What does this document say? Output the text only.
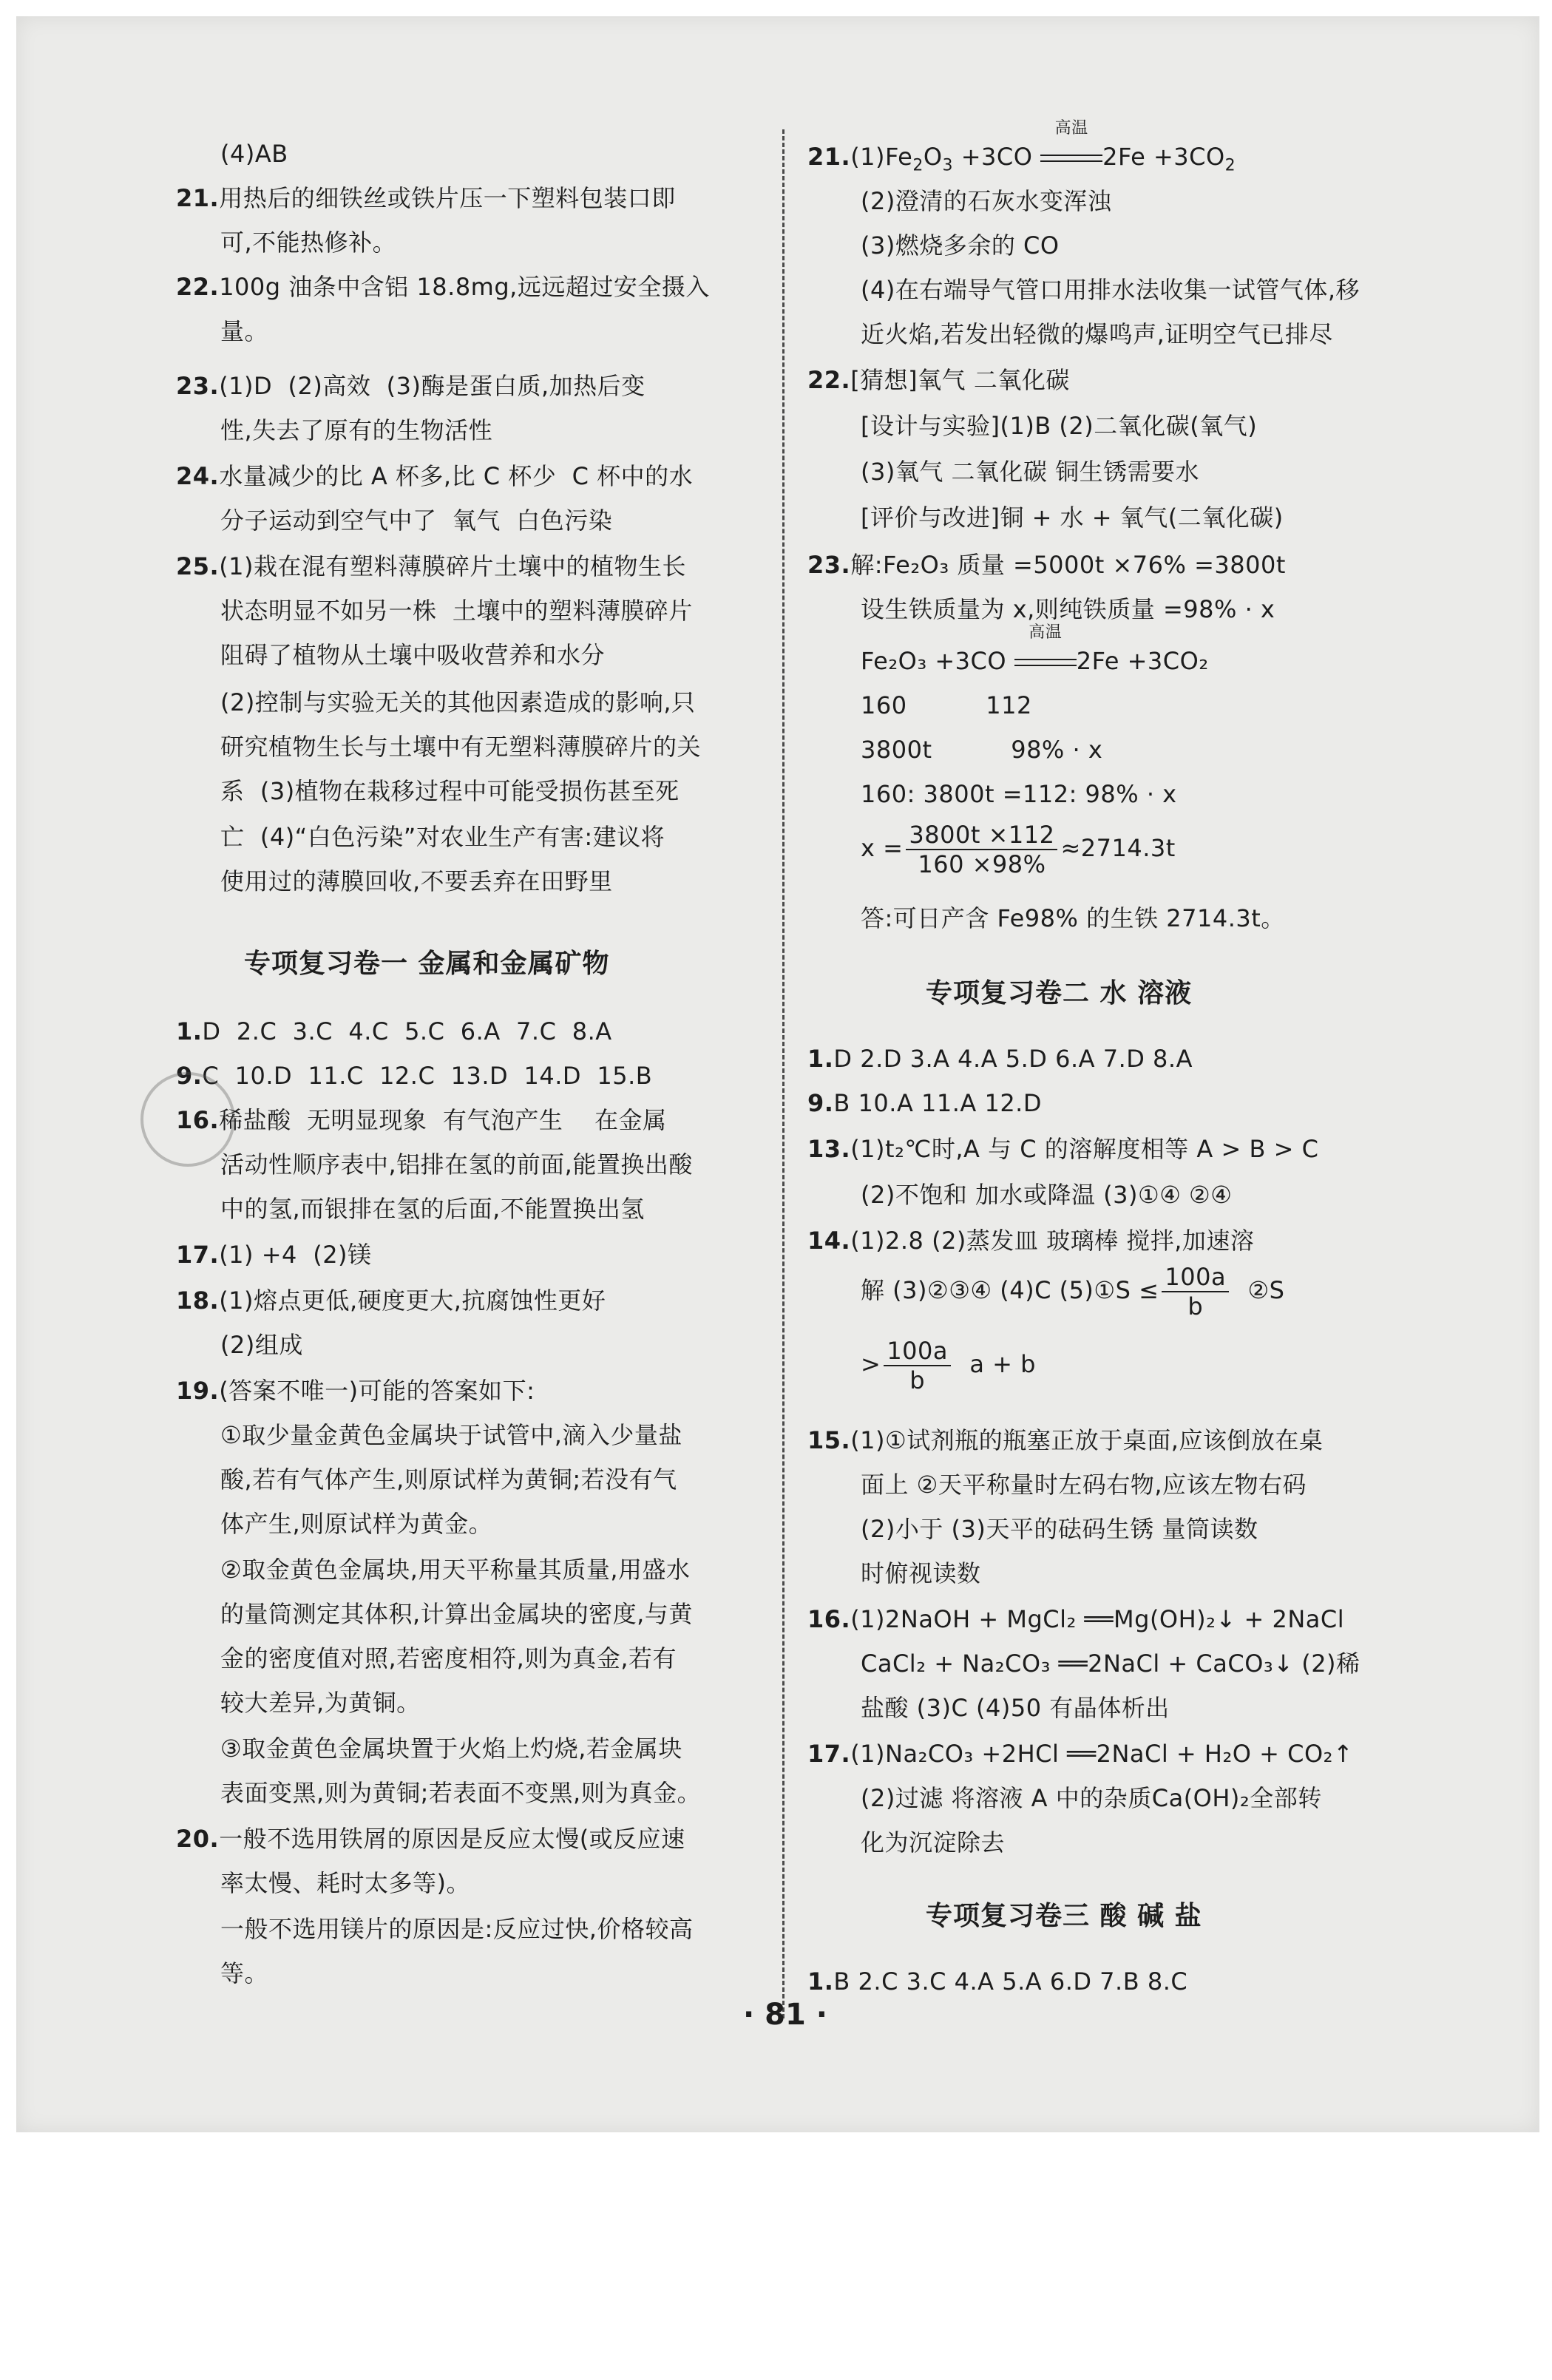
(4)AB
21.用热后的细铁丝或铁片压一下塑料包装口即
可,不能热修补。
22.100g 油条中含铝 18.8mg,远远超过安全摄入
量。
23.(1)D  (2)高效  (3)酶是蛋白质,加热后变
性,失去了原有的生物活性
24.水量减少的比 A 杯多,比 C 杯少  C 杯中的水
分子运动到空气中了  氧气  白色污染
25.(1)栽在混有塑料薄膜碎片土壤中的植物生长
状态明显不如另一株  土壤中的塑料薄膜碎片
阻碍了植物从土壤中吸收营养和水分
(2)控制与实验无关的其他因素造成的影响,只
研究植物生长与土壤中有无塑料薄膜碎片的关
系  (3)植物在栽移过程中可能受损伤甚至死
亡  (4)“白色污染”对农业生产有害:建议将
使用过的薄膜回收,不要丢弃在田野里
1.D  2.C  3.C  4.C  5.C  6.A  7.C  8.A
9.C  10.D  11.C  12.C  13.D  14.D  15.B
16.稀盐酸  无明显现象  有气泡产生    在金属
活动性顺序表中,铝排在氢的前面,能置换出酸
中的氢,而银排在氢的后面,不能置换出氢
17.(1) +4  (2)镁
18.(1)熔点更低,硬度更大,抗腐蚀性更好
(2)组成
19.(答案不唯一)可能的答案如下:
①取少量金黄色金属块于试管中,滴入少量盐
酸,若有气体产生,则原试样为黄铜;若没有气
体产生,则原试样为黄金。
②取金黄色金属块,用天平称量其质量,用盛水
的量筒测定其体积,计算出金属块的密度,与黄
金的密度值对照,若密度相符,则为真金,若有
较大差异,为黄铜。
③取金黄色金属块置于火焰上灼烧,若金属块
表面变黑,则为黄铜;若表面不变黑,则为真金。
20.一般不选用铁屑的原因是反应太慢(或反应速
率太慢、耗时太多等)。
一般不选用镁片的原因是:反应过快,价格较高
等。
专项复习卷一 金属和金属矿物
$21.(1)Fe_2O_3 +3CO$
高温
$2Fe +3CO_2$
(2)澄清的石灰水变浑浊
(3)燃烧多余的 CO
(4)在右端导气管口用排水法收集一试管气体,移
近火焰,若发出轻微的爆鸣声,证明空气已排尽
22.[猜想]氧气 二氧化碳
[设计与实验](1)B (2)二氧化碳(氧气)
(3)氧气 二氧化碳 铜生锈需要水
[评价与改进]铜 + 水 + 氧气(二氧化碳)
23.解:Fe₂O₃ 质量 =5000t ×76% =3800t
设生铁质量为 x,则纯铁质量 =98% · x
Fe₂O₃ +3CO
高温
2Fe +3CO₂
160          112
3800t          98% · x
160: 3800t =112: 98% · x
$x = \frac{3800t \times 112}{160 \times 98\%} \approx 2714.3t$
答:可日产含 Fe98% 的生铁 2714.3t。
专项复习卷二 水 溶液
1.D 2.D 3.A 4.A 5.D 6.A 7.D 8.A
9.B 10.A 11.A 12.D
13.(1)t₂℃时,A 与 C 的溶解度相等 A > B > C
(2)不饱和 加水或降温 (3)①④ ②④
14.(1)2.8 (2)蒸发皿 玻璃棒 搅拌,加速溶
解 (3)②③④ (4)C (5)①S ≤ $\frac{100a}{b}$ ②S
> $\frac{100a}{b}$ a + b
15.(1)①试剂瓶的瓶塞正放于桌面,应该倒放在桌
面上 ②天平称量时左码右物,应该左物右码
(2)小于 (3)天平的砝码生锈 量筒读数
时俯视读数
16.(1)2NaOH + MgCl₂ ══Mg(OH)₂↓ + 2NaCl
CaCl₂ + Na₂CO₃ ══2NaCl + CaCO₃↓ (2)稀
盐酸 (3)C (4)50 有晶体析出
17.(1)Na₂CO₃ +2HCl ══2NaCl + H₂O + CO₂↑
(2)过滤 将溶液 A 中的杂质Ca(OH)₂全部转
化为沉淀除去
专项复习卷三 酸 碱 盐
1.B 2.C 3.C 4.A 5.A 6.D 7.B 8.C
· 81 ·
